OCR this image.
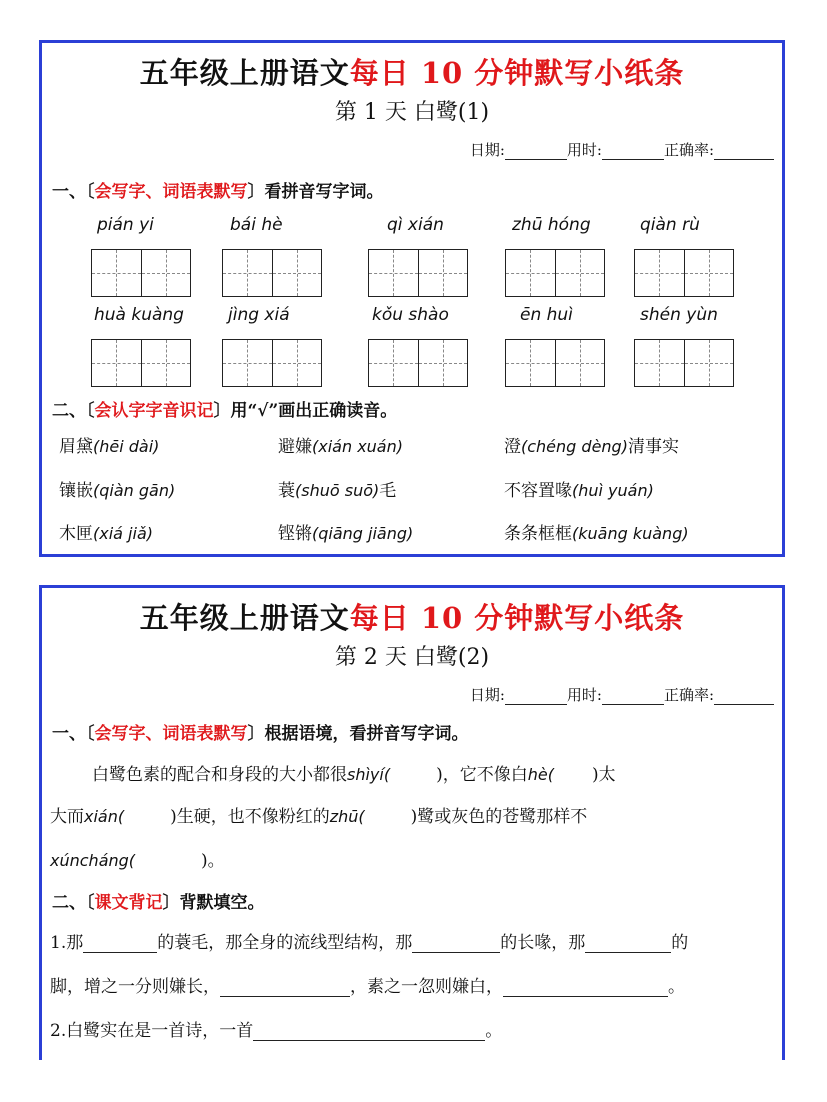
五年级上册语文每日 10 分钟默写小纸条
第 1 天 白鹭(1)
日期:	用时:	正确率:
一、〔会写字、词语表默写〕看拼音写字词。
pián yi	bái hè	qì xián	zhū hóng	qiàn rù
huà kuàng	jìng xiá	kǒu shào	ēn huì	shén yùn
二、〔会认字字音识记〕用“√”画出正确读音。
眉黛(hēi dài)	避嫌(xián xuán)	澄(chéng dèng)清事实
镶嵌(qiàn gān)	蓑(shuō suō)毛	不容置喙(huì yuán)
木匣(xiá jiǎ)	铿锵(qiāng jiāng)	条条框框(kuāng kuàng)
五年级上册语文每日 10 分钟默写小纸条
第 2 天 白鹭(2)
日期:	用时:	正确率:
一、〔会写字、词语表默写〕根据语境，看拼音写字词。
白鹭色素的配合和身段的大小都很shìyí(	)，它不像白hè( )太
大而xián(	)生硬，也不像粉红的zhū(	)鹭或灰色的苍鹭那样不
xúncháng(	)。
二、〔课文背记〕背默填空。
1.那	的蓑毛，那全身的流线型结构，那	的长喙，那	的
脚，增之一分则嫌长，	，素之一忽则嫌白，	。
2.白鹭实在是一首诗，一首	。
